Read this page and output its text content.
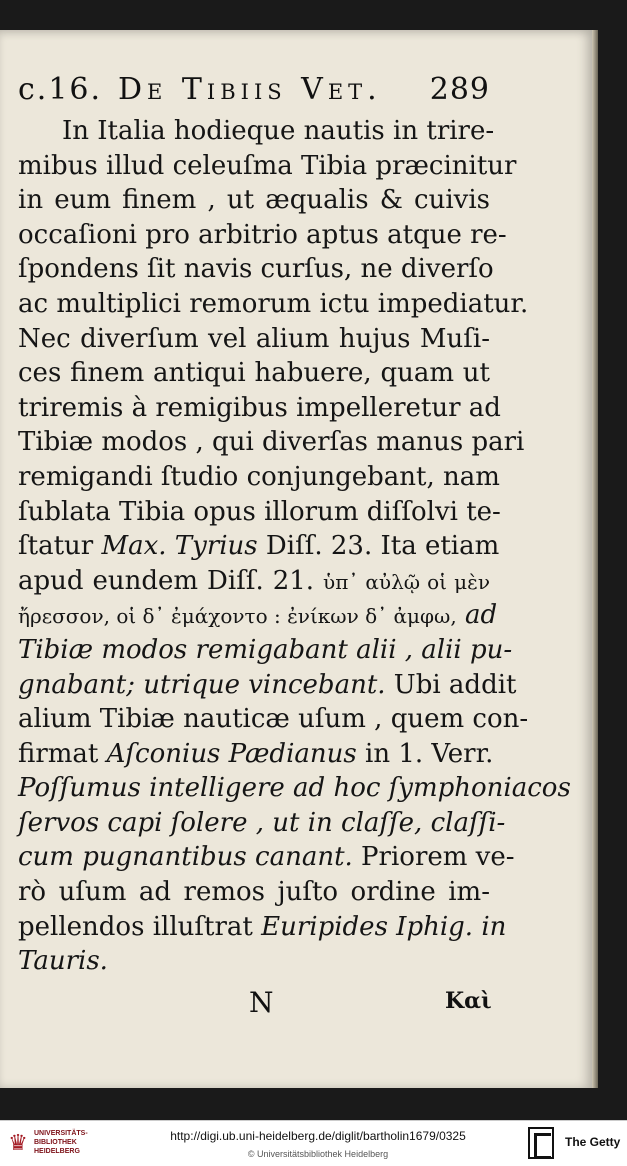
c.16. De Tibiis Vet. 289
In Italia hodieque nautis in trire-
mibus illud celeuſma Tibia præcinitur
in eum finem , ut æqualis & cuivis
occaſioni pro arbitrio aptus atque re-
ſpondens ſit navis curſus, ne diverſo
ac multiplici remorum ictu impediatur.
Nec diverſum vel alium hujus Muſi-
ces finem antiqui habuere, quam ut
triremis à remigibus impelleretur ad
Tibiæ modos , qui diverſas manus pari
remigandi ſtudio conjungebant, nam
ſublata Tibia opus illorum diſſolvi te-
ſtatur Max. Tyrius Diſſ. 23. Ita etiam
apud eundem Diſſ. 21. ὑπ᾽ αὐλῷ οἱ μὲν
ἤρεσσον, οἱ δ᾽ ἐμάχοντο : ἐνίκων δ᾽ ἀμφω, ad
Tibiæ modos remigabant alii , alii pu-
gnabant; utrique vincebant. Ubi addit
alium Tibiæ nauticæ uſum , quem con-
firmat Aſconius Pædianus in 1. Verr.
Poſſumus intelligere ad hoc ſymphoniacos
ſervos capi ſolere , ut in claſſe, claſſi-
cum pugnantibus canant. Priorem ve-
rò uſum ad remos juſto ordine im-
pellendos illuſtrat Euripides Iphig. in
Tauris.
N	Καὶ
♛ UNIVERSITÄTS-
BIBLIOTHEK
HEIDELBERG
http://digi.ub.uni-heidelberg.de/diglit/bartholin1679/0325
© Universitätsbibliothek Heidelberg
The Getty
